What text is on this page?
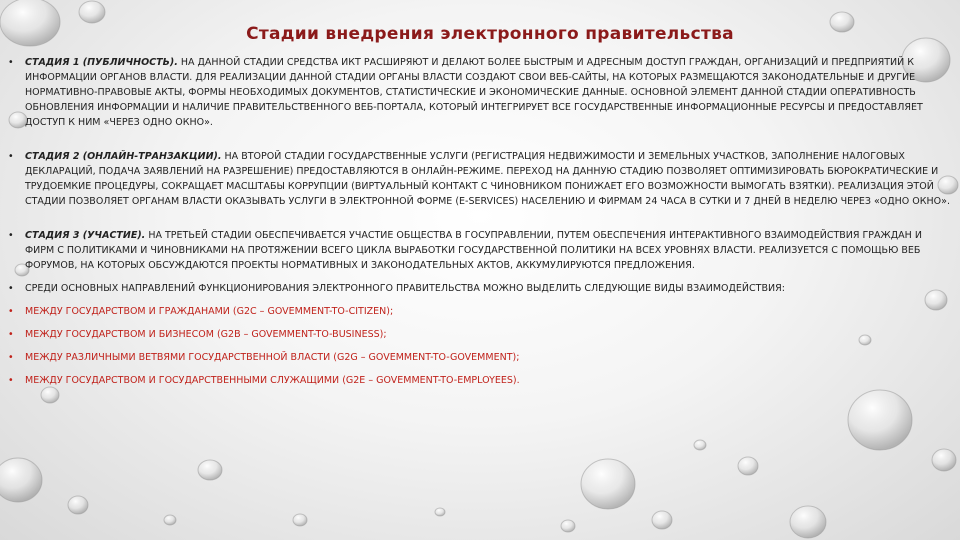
Стадии внедрения электронного правительства
•	СТАДИЯ 1 (ПУБЛИЧНОСТЬ). НА ДАННОЙ СТАДИИ СРЕДСТВА ИКТ РАСШИРЯЮТ И ДЕЛАЮТ БОЛЕЕ БЫСТРЫМ И АДРЕСНЫМ ДОСТУП ГРАЖДАН, ОРГАНИЗАЦИЙ И ПРЕДПРИЯТИЙ К ИНФОРМАЦИИ ОРГАНОВ ВЛАСТИ. ДЛЯ РЕАЛИЗАЦИИ ДАННОЙ СТАДИИ ОРГАНЫ ВЛАСТИ СОЗДАЮТ СВОИ ВЕБ-САЙТЫ, НА КОТОРЫХ РАЗМЕЩАЮТСЯ ЗАКОНОДАТЕЛЬНЫЕ И ДРУГИЕ НОРМАТИВНО-ПРАВОВЫЕ АКТЫ, ФОРМЫ НЕОБХОДИМЫХ ДОКУМЕНТОВ, СТАТИСТИЧЕСКИЕ И ЭКОНОМИЧЕСКИЕ ДАННЫЕ. ОСНОВНОЙ ЭЛЕМЕНТ ДАННОЙ СТАДИИ ОПЕРАТИВНОСТЬ ОБНОВЛЕНИЯ ИНФОРМАЦИИ И НАЛИЧИЕ ПРАВИТЕЛЬСТВЕННОГО ВЕБ-ПОРТАЛА, КОТОРЫЙ ИНТЕГРИРУЕТ ВСЕ ГОСУДАРСТВЕННЫЕ ИНФОРМАЦИОННЫЕ РЕСУРСЫ И ПРЕДОСТАВЛЯЕТ ДОСТУП К НИМ «ЧЕРЕЗ ОДНО ОКНО».
•	СТАДИЯ 2 (ОНЛАЙН-ТРАНЗАКЦИИ). НА ВТОРОЙ СТАДИИ ГОСУДАРСТВЕННЫЕ УСЛУГИ (РЕГИСТРАЦИЯ НЕДВИЖИМОСТИ И ЗЕМЕЛЬНЫХ УЧАСТКОВ, ЗАПОЛНЕНИЕ НАЛОГОВЫХ ДЕКЛАРАЦИЙ, ПОДАЧА ЗАЯВЛЕНИЙ НА РАЗРЕШЕНИЕ) ПРЕДОСТАВЛЯЮТСЯ В ОНЛАЙН-РЕЖИМЕ. ПЕРЕХОД НА ДАННУЮ СТАДИЮ ПОЗВОЛЯЕТ ОПТИМИЗИРОВАТЬ БЮРОКРАТИЧЕСКИЕ И ТРУДОЕМКИЕ ПРОЦЕДУРЫ, СОКРАЩАЕТ МАСШТАБЫ КОРРУПЦИИ (ВИРТУАЛЬНЫЙ КОНТАКТ С ЧИНОВНИКОМ ПОНИЖАЕТ ЕГО ВОЗМОЖНОСТИ ВЫМОГАТЬ ВЗЯТКИ). РЕАЛИЗАЦИЯ ЭТОЙ СТАДИИ ПОЗВОЛЯЕТ ОРГАНАМ ВЛАСТИ ОКАЗЫВАТЬ УСЛУГИ В ЭЛЕКТРОННОЙ ФОРМЕ (E-SERVICES) НАСЕЛЕНИЮ И ФИРМАМ 24 ЧАСА В СУТКИ И 7 ДНЕЙ В НЕДЕЛЮ ЧЕРЕЗ «ОДНО ОКНО».
•	СТАДИЯ 3 (УЧАСТИЕ). НА ТРЕТЬЕЙ СТАДИИ ОБЕСПЕЧИВАЕТСЯ УЧАСТИЕ ОБЩЕСТВА В ГОСУПРАВЛЕНИИ, ПУТЕМ ОБЕСПЕЧЕНИЯ ИНТЕРАКТИВНОГО ВЗАИМОДЕЙСТВИЯ ГРАЖДАН И ФИРМ С ПОЛИТИКАМИ И ЧИНОВНИКАМИ НА ПРОТЯЖЕНИИ ВСЕГО ЦИКЛА ВЫРАБОТКИ ГОСУДАРСТВЕННОЙ ПОЛИТИКИ НА ВСЕХ УРОВНЯХ ВЛАСТИ. РЕАЛИЗУЕТСЯ С ПОМОЩЬЮ ВЕБ ФОРУМОВ, НА КОТОРЫХ ОБСУЖДАЮТСЯ ПРОЕКТЫ НОРМАТИВНЫХ И ЗАКОНОДАТЕЛЬНЫХ АКТОВ, АККУМУЛИРУЮТСЯ ПРЕДЛОЖЕНИЯ.
•	СРЕДИ ОСНОВНЫХ НАПРАВЛЕНИЙ ФУНКЦИОНИРОВАНИЯ ЭЛЕКТРОННОГО ПРАВИТЕЛЬСТВА МОЖНО ВЫДЕЛИТЬ СЛЕДУЮЩИЕ ВИДЫ ВЗАИМОДЕЙСТВИЯ:
•	МЕЖДУ ГОСУДАРСТВОМ И ГРАЖДАНАМИ (G2C – GOVEMMENT-TO-CITIZEN);
•	МЕЖДУ ГОСУДАРСТВОМ И БИЗНЕСОМ (G2B – GOVEMMENT-TO-BUSINESS);
•	МЕЖДУ РАЗЛИЧНЫМИ ВЕТВЯМИ ГОСУДАРСТВЕННОЙ ВЛАСТИ (G2G – GOVEMMENT-TO-GOVEMMENT);
•	МЕЖДУ ГОСУДАРСТВОМ И ГОСУДАРСТВЕННЫМИ СЛУЖАЩИМИ (G2E – GOVEMMENT-TO-EMPLOYEES).
